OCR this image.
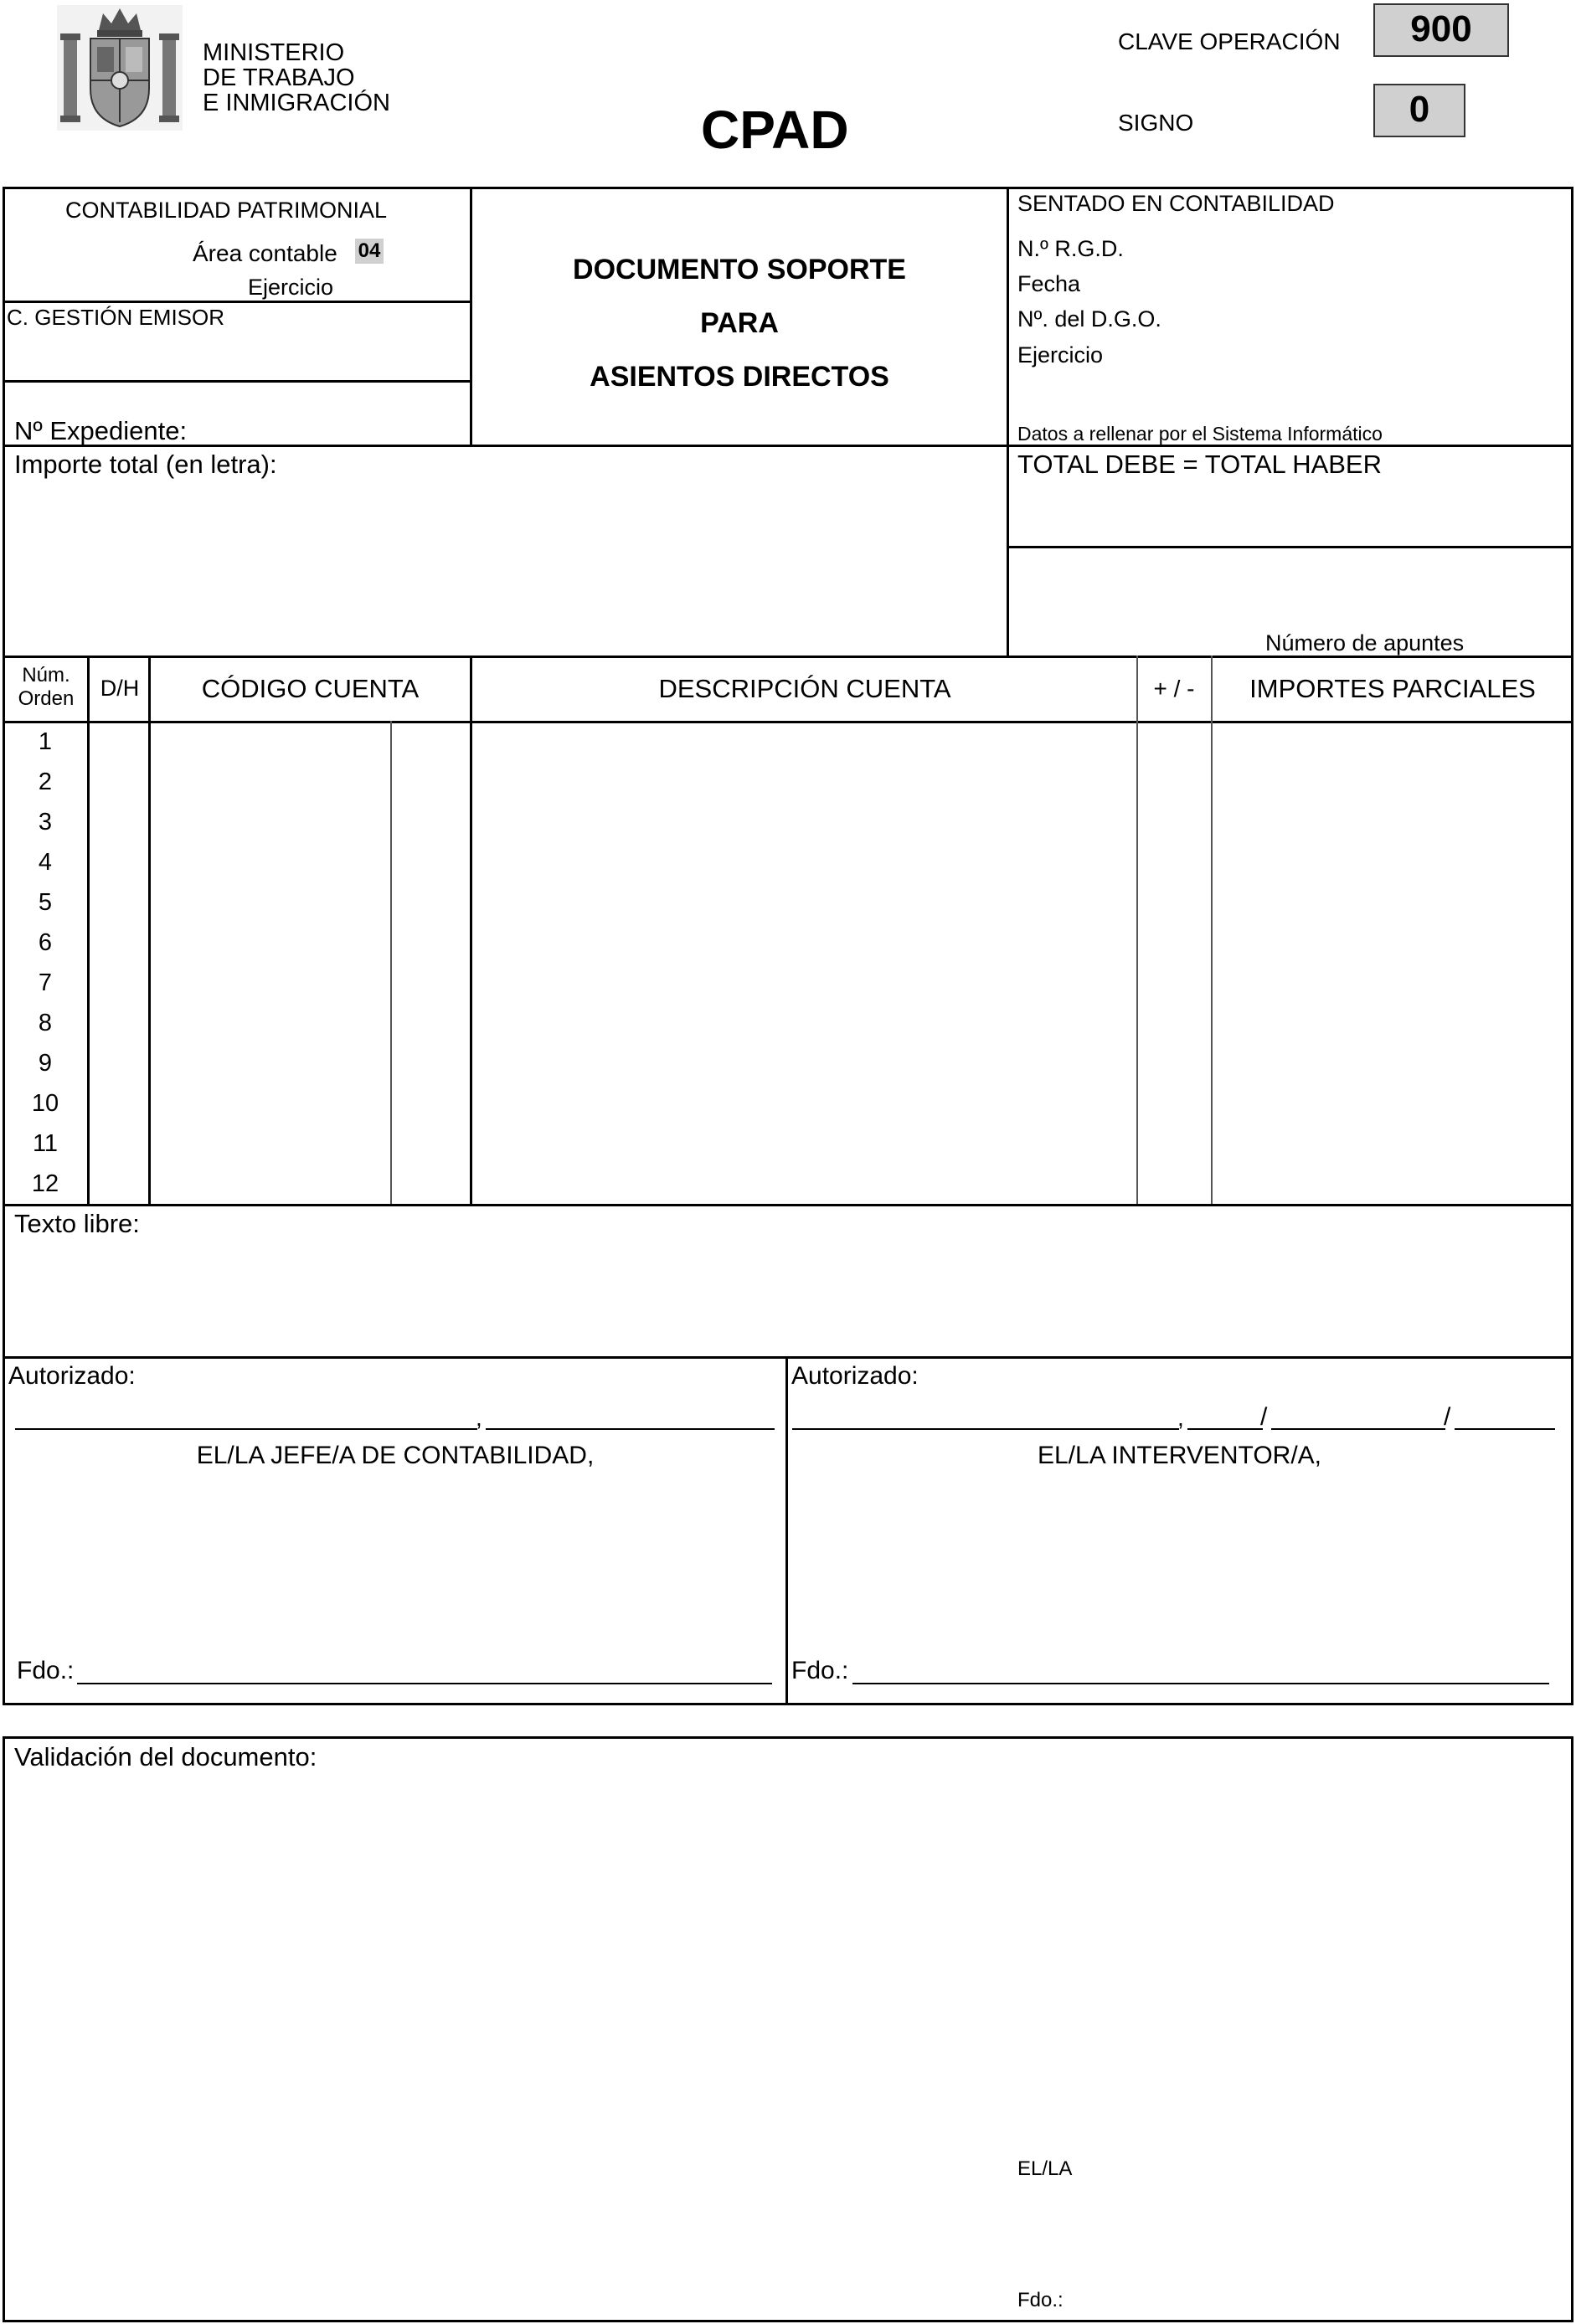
MINISTERIO
DE TRABAJO
E INMIGRACIÓN	CPAD
CLAVE OPERACIÓN	900
SIGNO	0
CONTABILIDAD PATRIMONIAL
Área contable 04
Ejercicio
C. GESTIÓN EMISOR
Nº Expediente:
DOCUMENTO SOPORTE
PARA
ASIENTOS DIRECTOS
SENTADO EN CONTABILIDAD
N.º R.G.D.
Fecha
Nº. del D.G.O.
Ejercicio
Datos a rellenar por el Sistema Informático
Importe total (en letra):	TOTAL DEBE = TOTAL HABER
Número de apuntes
Núm.
Orden	D/H	CÓDIGO CUENTA	DESCRIPCIÓN CUENTA	+ / -	IMPORTES PARCIALES
1
2
3
4
5
6
7
8
9
10
11
12
Texto libre:
Autorizado:
,
EL/LA JEFE/A DE CONTABILIDAD,
Fdo.:
Autorizado:
,	/	/
EL/LA INTERVENTOR/A,
Fdo.:
Validación del documento:
EL/LA
Fdo.:
